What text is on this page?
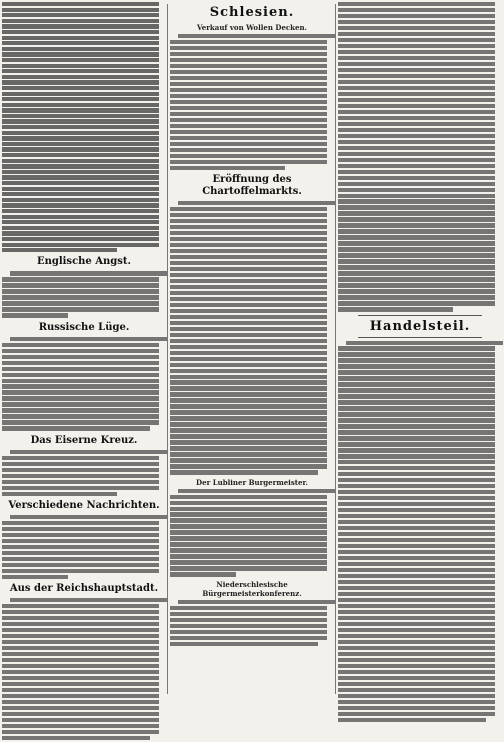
Englische Angst.
Russische Lüge.
Das Eiserne Kreuz.
Verschiedene Nachrichten.
Aus der Reichshauptstadt.
Schlesien.
Verkauf von Wollen Decken.
Eröffnung des Chartoffelmarkts.
Der Lubliner Burgermeister.
Niederschlesische Bürgermeisterkonferenz.
Handelsteil.
